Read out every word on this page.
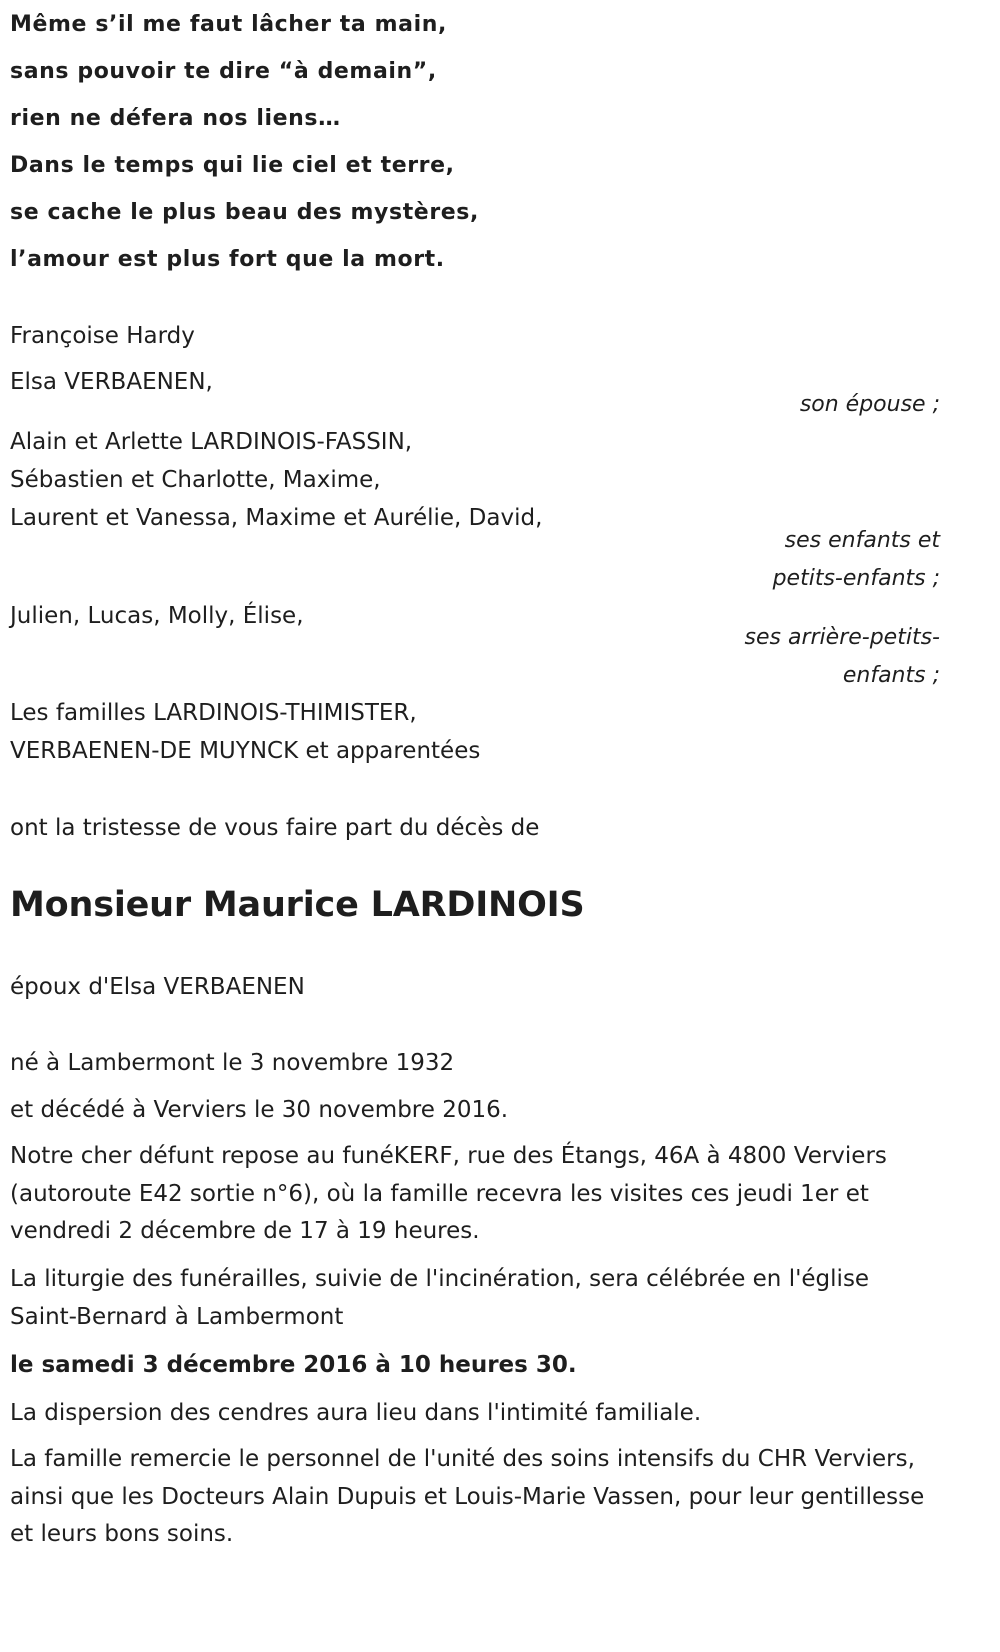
Même s’il me faut lâcher ta main,
sans pouvoir te dire “à demain”,
rien ne défera nos liens…
Dans le temps qui lie ciel et terre,
se cache le plus beau des mystères,
l’amour est plus fort que la mort.
Françoise Hardy
Elsa VERBAENEN,
son épouse ;
Alain et Arlette LARDINOIS-FASSIN,
Sébastien et Charlotte, Maxime,
Laurent et Vanessa, Maxime et Aurélie, David,
ses enfants et
petits-enfants ;
Julien, Lucas, Molly, Élise,
ses arrière-petits-
enfants ;
Les familles LARDINOIS-THIMISTER,
VERBAENEN-DE MUYNCK et apparentées
ont la tristesse de vous faire part du décès de
Monsieur Maurice LARDINOIS
époux d'Elsa VERBAENEN
né à Lambermont le 3 novembre 1932
et décédé à Verviers le 30 novembre 2016.
Notre cher défunt repose au funéKERF, rue des Étangs, 46A à 4800 Verviers (autoroute E42 sortie n°6), où la famille recevra les visites ces jeudi 1er et vendredi 2 décembre de 17 à 19 heures.
La liturgie des funérailles, suivie de l'incinération, sera célébrée en l'église Saint-Bernard à Lambermont
le samedi 3 décembre 2016 à 10 heures 30.
La dispersion des cendres aura lieu dans l'intimité familiale.
La famille remercie le personnel de l'unité des soins intensifs du CHR Verviers, ainsi que les Docteurs Alain Dupuis et Louis-Marie Vassen, pour leur gentillesse et leurs bons soins.
